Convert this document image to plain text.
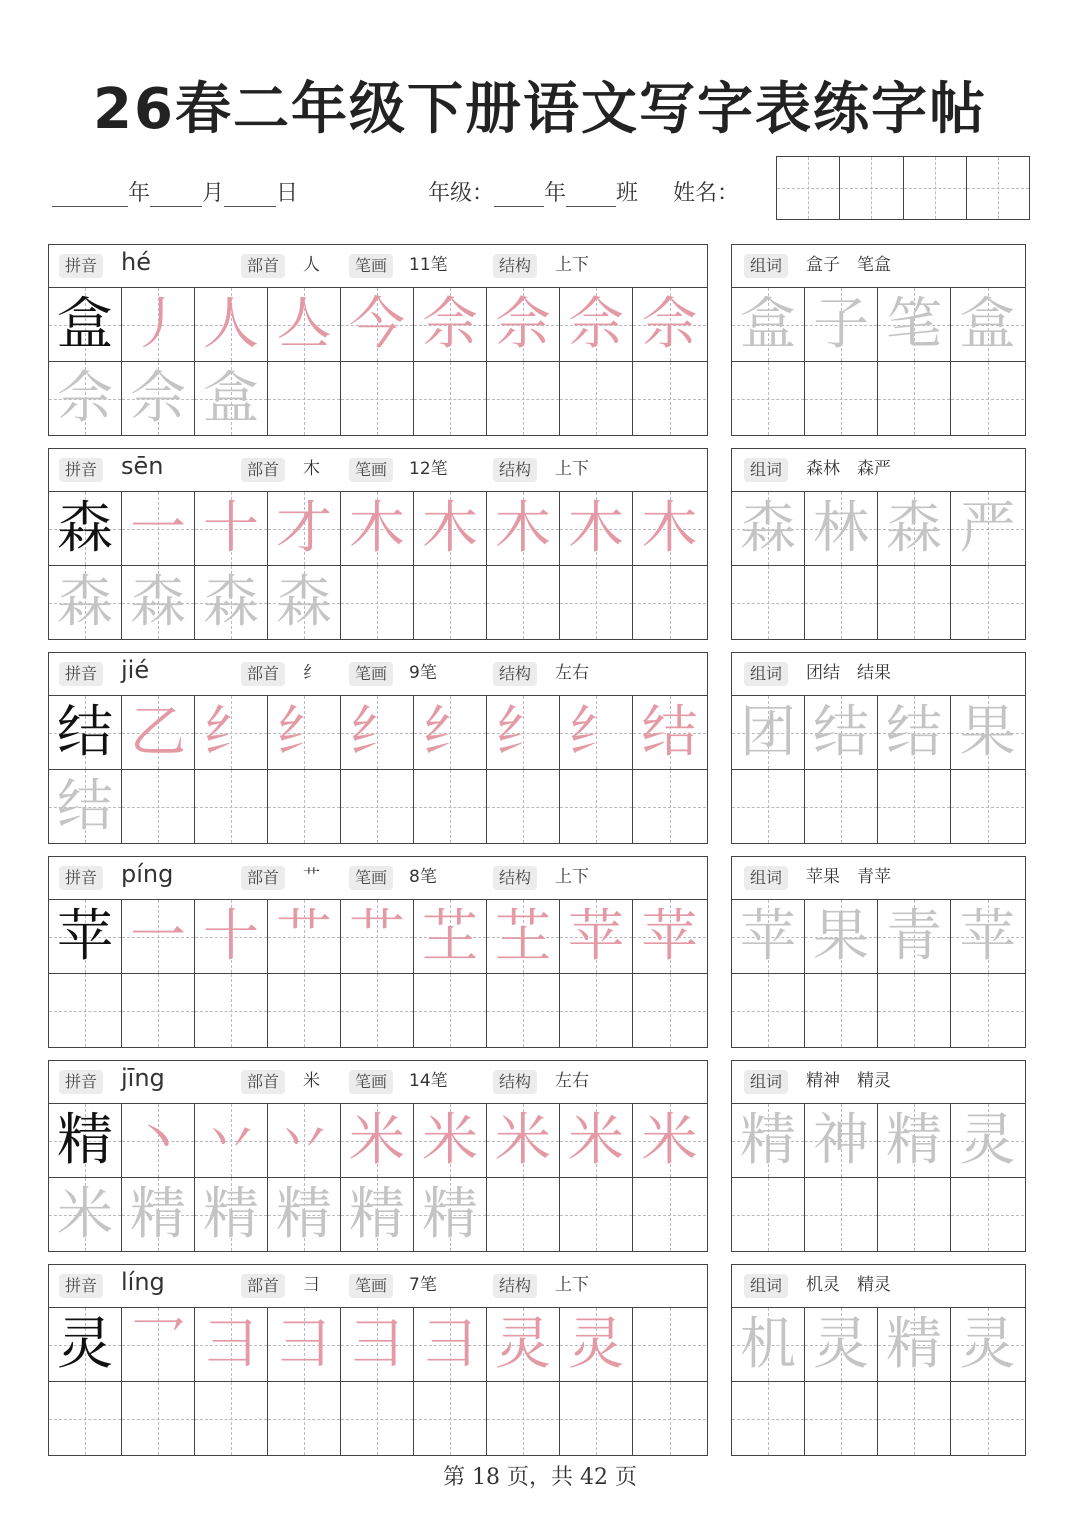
26春二年级下册语文写字表练字帖
年 月 日	年级： 年 班 姓名：
拼音 hé	部首	人	笔画	11笔	结构	上下
盒 丿 人 亼 今 佘 佘 佘 佘
佘 佘 盒
组词	盒子　笔盒
盒 子 笔 盒
拼音 sēn	部首	木	笔画	12笔	结构	上下
森 一 十 才 木 木 木 木 木
森 森 森 森
组词	森林　森严
森 林 森 严
拼音 jié	部首	纟	笔画	9笔	结构	左右
结 乙 纟 纟 纟 纟 纟 纟 结
结
组词	团结　结果
团 结 结 果
拼音 píng	部首	艹	笔画	8笔	结构	上下
苹 一 十 艹 艹 芏 芏 苹 苹
组词	苹果　青苹
苹 果 青 苹
拼音 jīng	部首	米	笔画	14笔	结构	左右
精 丶 丷 丷 米 米 米 米 米
米 精 精 精 精 精
组词	精神　精灵
精 神 精 灵
拼音 líng	部首	彐	笔画	7笔	结构	上下
灵 乛 彐 彐 彐 彐 灵 灵
组词	机灵　精灵
机 灵 精 灵
第 18 页，共 42 页
